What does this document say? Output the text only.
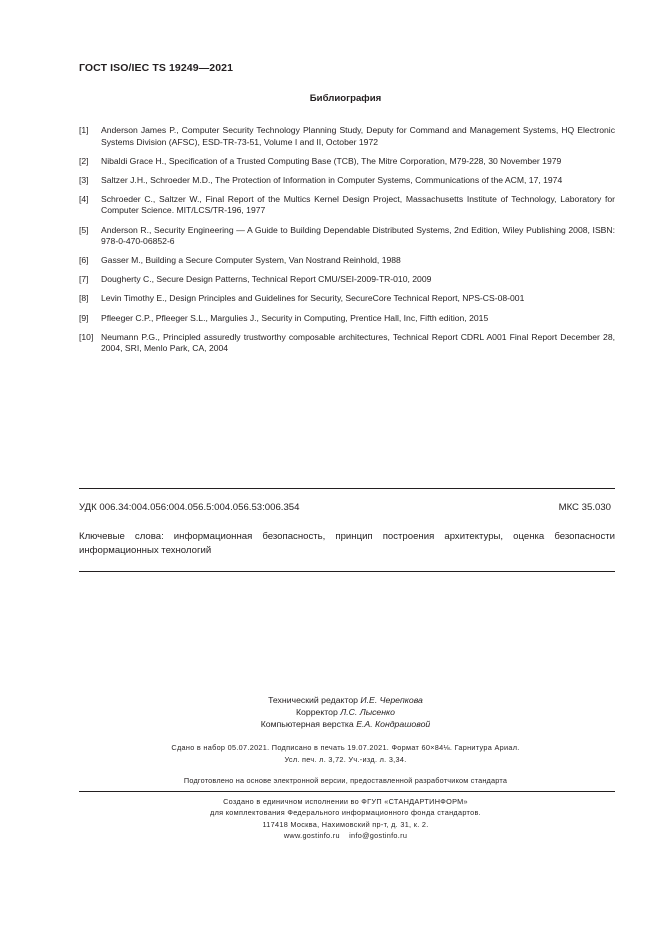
ГОСТ ISO/IEC TS 19249—2021
Библиография
[1]	Anderson James P., Computer Security Technology Planning Study, Deputy for Command and Management Systems, HQ Electronic Systems Division (AFSC), ESD-TR-73-51, Volume I and II, October 1972
[2]	Nibaldi Grace H., Specification of a Trusted Computing Base (TCB), The Mitre Corporation, M79-228, 30 November 1979
[3]	Saltzer J.H., Schroeder M.D., The Protection of Information in Computer Systems, Communications of the ACM, 17, 1974
[4]	Schroeder C., Saltzer W., Final Report of the Multics Kernel Design Project, Massachusetts Institute of Technology, Laboratory for Computer Science. MIT/LCS/TR-196, 1977
[5]	Anderson R., Security Engineering — A Guide to Building Dependable Distributed Systems, 2nd Edition, Wiley Publishing 2008, ISBN: 978-0-470-06852-6
[6]	Gasser M., Building a Secure Computer System, Van Nostrand Reinhold, 1988
[7]	Dougherty C., Secure Design Patterns, Technical Report CMU/SEI-2009-TR-010, 2009
[8]	Levin Timothy E., Design Principles and Guidelines for Security, SecureCore Technical Report, NPS-CS-08-001
[9]	Pfleeger C.P., Pfleeger S.L., Margulies J., Security in Computing, Prentice Hall, Inc, Fifth edition, 2015
[10] Neumann P.G., Principled assuredly trustworthy composable architectures, Technical Report CDRL A001 Final Report December 28, 2004, SRI, Menlo Park, CA, 2004
УДК 006.34:004.056:004.056.5:004.056.53:006.354	МКС 35.030
Ключевые слова: информационная безопасность, принцип построения архитектуры, оценка безопасности информационных технологий
Технический редактор И.Е. Черепкова
Корректор Л.С. Лысенко
Компьютерная верстка Е.А. Кондрашовой
Сдано в набор 05.07.2021. Подписано в печать 19.07.2021. Формат 60×84⅛. Гарнитура Ариал.
Усл. печ. л. 3,72. Уч.-изд. л. 3,34.
Подготовлено на основе электронной версии, предоставленной разработчиком стандарта
Создано в единичном исполнении во ФГУП «СТАНДАРТИНФОРМ»
для комплектования Федерального информационного фонда стандартов.
117418 Москва, Нахимовский пр-т, д. 31, к. 2.
www.gostinfo.ru    info@gostinfo.ru
